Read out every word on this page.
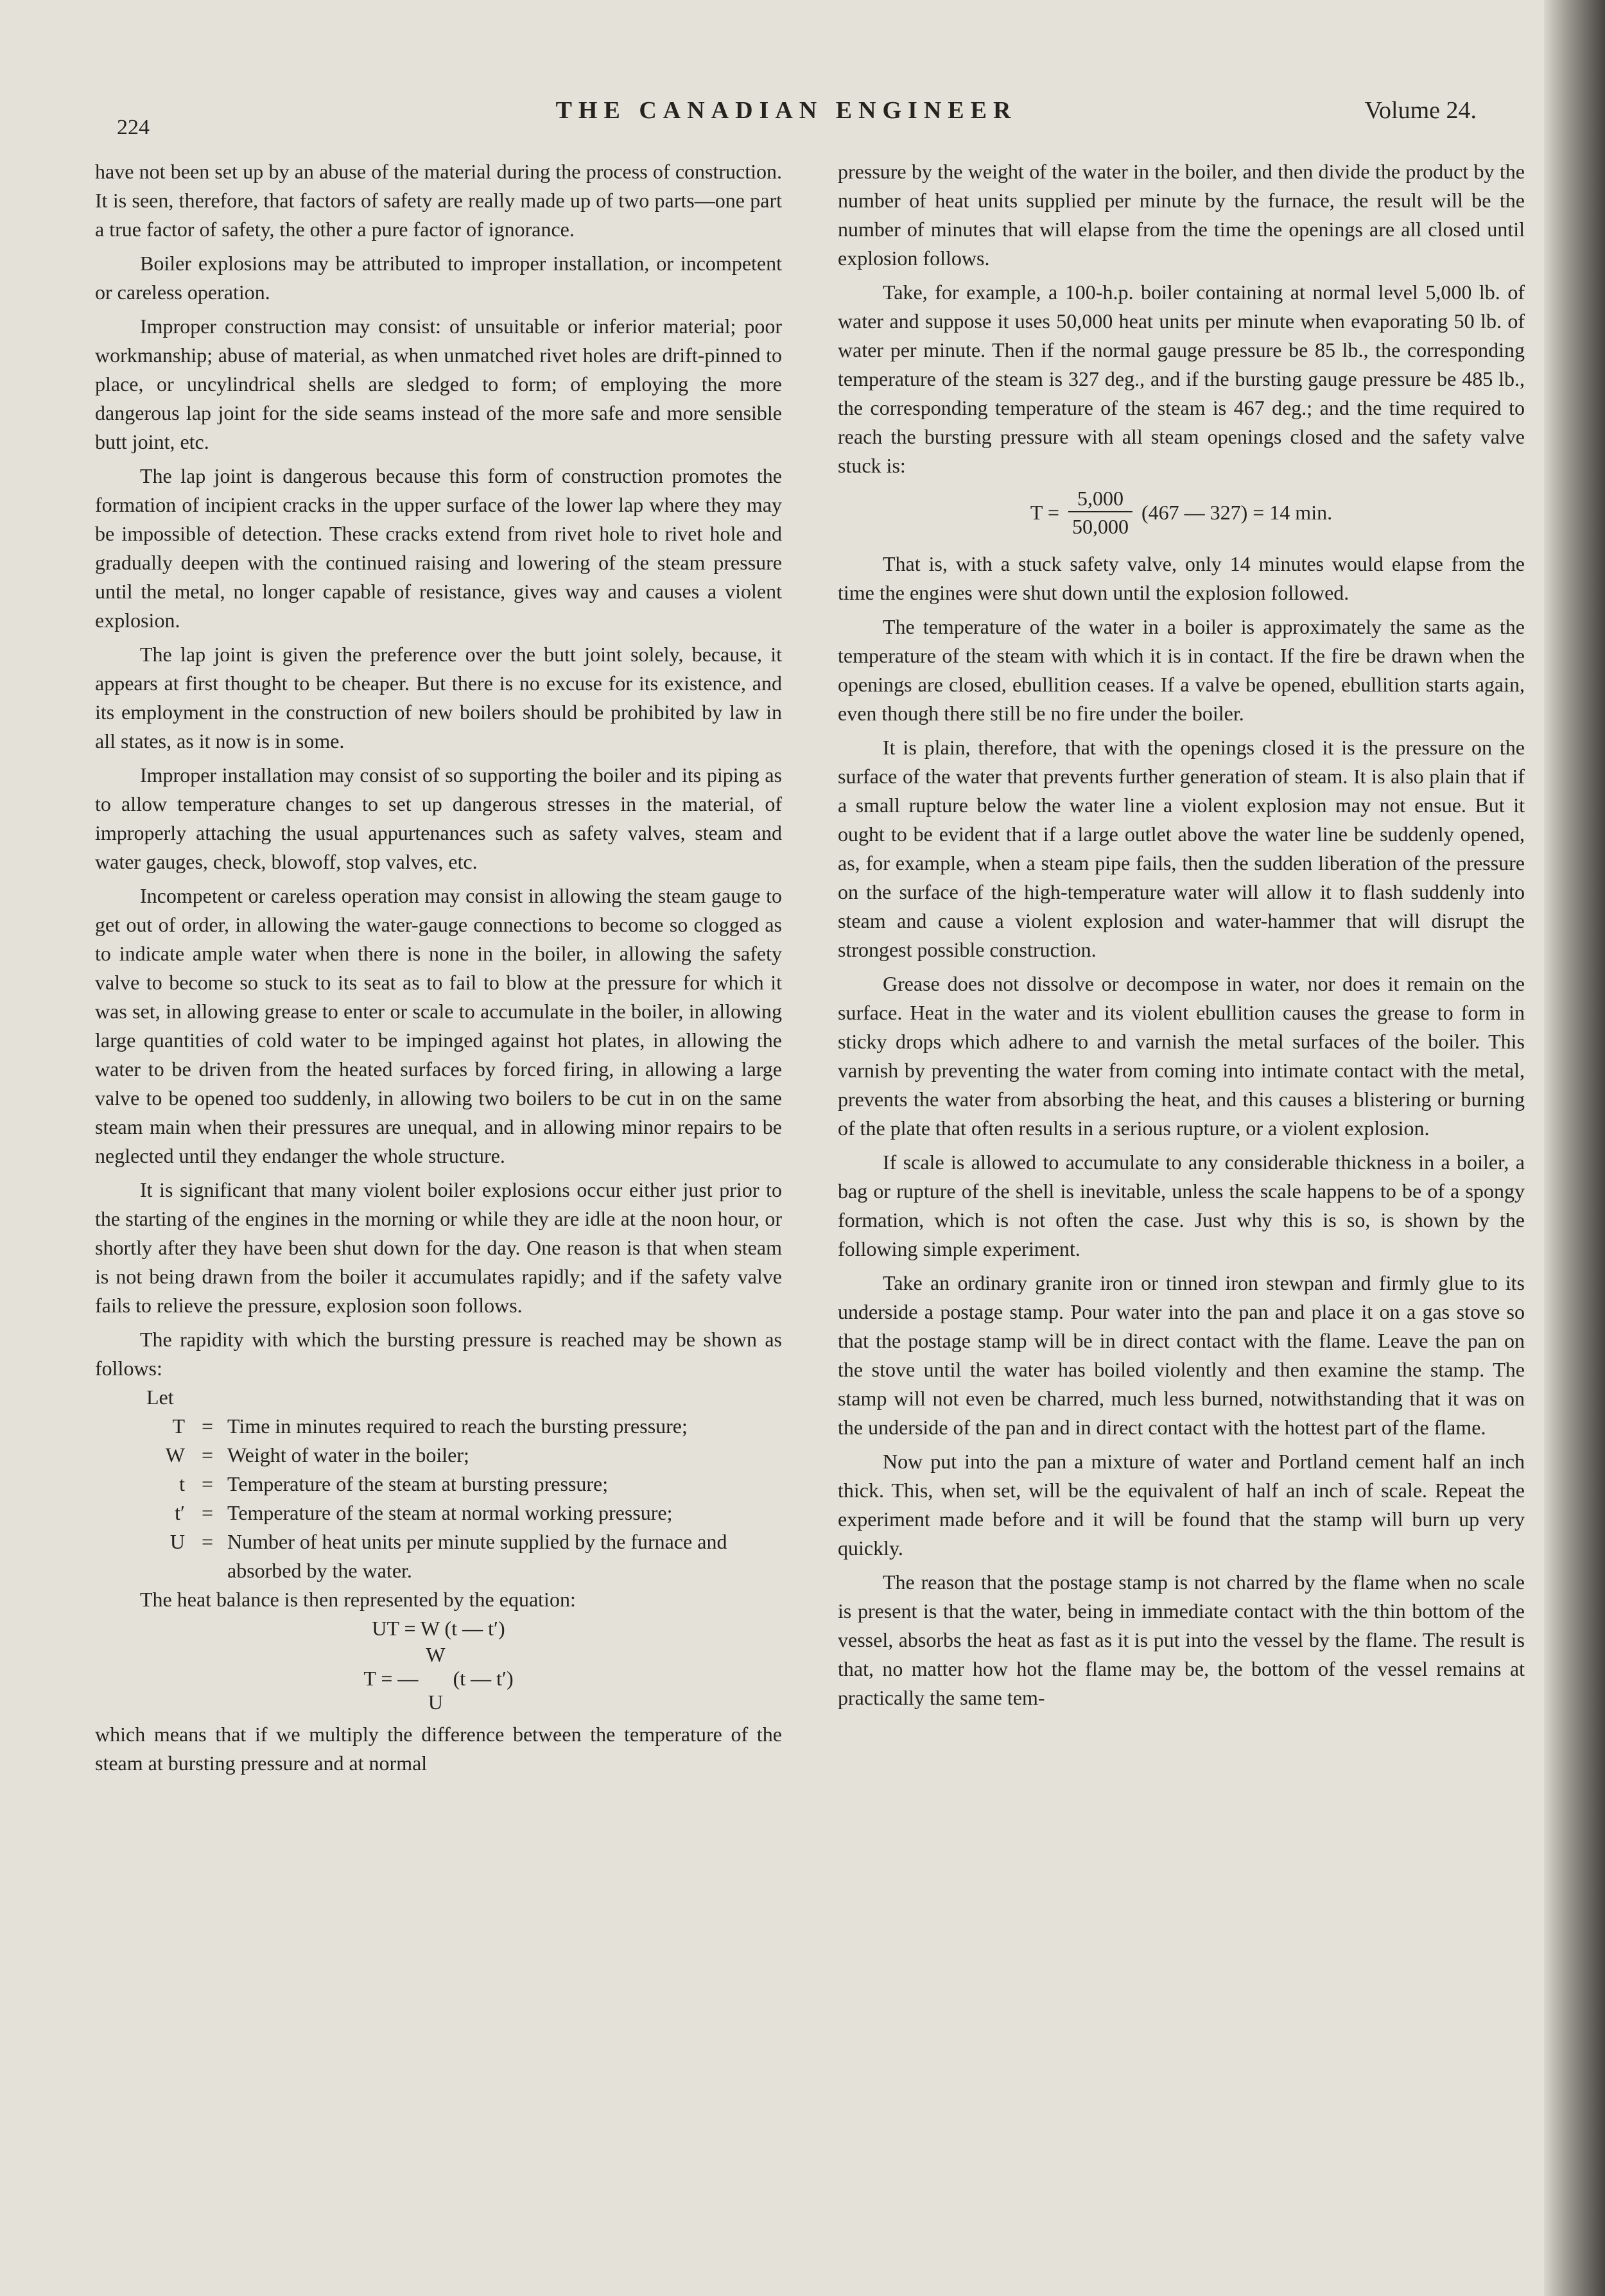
224
THE CANADIAN ENGINEER	Volume 24.

have not been set up by an abuse of the material during the process of construction. It is seen, therefore, that factors of safety are really made up of two parts—one part a true factor of safety, the other a pure factor of ignorance.

Boiler explosions may be attributed to improper installation, or incompetent or careless operation.

Improper construction may consist: of unsuitable or inferior material; poor workmanship; abuse of material, as when unmatched rivet holes are drift-pinned to place, or uncylindrical shells are sledged to form; of employing the more dangerous lap joint for the side seams instead of the more safe and more sensible butt joint, etc.

The lap joint is dangerous because this form of construction promotes the formation of incipient cracks in the upper surface of the lower lap where they may be impossible of detection. These cracks extend from rivet hole to rivet hole and gradually deepen with the continued raising and lowering of the steam pressure until the metal, no longer capable of resistance, gives way and causes a violent explosion.

The lap joint is given the preference over the butt joint solely, because, it appears at first thought to be cheaper. But there is no excuse for its existence, and its employment in the construction of new boilers should be prohibited by law in all states, as it now is in some.

Improper installation may consist of so supporting the boiler and its piping as to allow temperature changes to set up dangerous stresses in the material, of improperly attaching the usual appurtenances such as safety valves, steam and water gauges, check, blowoff, stop valves, etc.

Incompetent or careless operation may consist in allowing the steam gauge to get out of order, in allowing the water-gauge connections to become so clogged as to indicate ample water when there is none in the boiler, in allowing the safety valve to become so stuck to its seat as to fail to blow at the pressure for which it was set, in allowing grease to enter or scale to accumulate in the boiler, in allowing large quantities of cold water to be impinged against hot plates, in allowing the water to be driven from the heated surfaces by forced firing, in allowing a large valve to be opened too suddenly, in allowing two boilers to be cut in on the same steam main when their pressures are unequal, and in allowing minor repairs to be neglected until they endanger the whole structure.

It is significant that many violent boiler explosions occur either just prior to the starting of the engines in the morning or while they are idle at the noon hour, or shortly after they have been shut down for the day. One reason is that when steam is not being drawn from the boiler it accumulates rapidly; and if the safety valve fails to relieve the pressure, explosion soon follows.

The rapidity with which the bursting pressure is reached may be shown as follows:

Let
T = Time in minutes required to reach the bursting pressure;
W = Weight of water in the boiler;
t = Temperature of the steam at bursting pressure;
t′ = Temperature of the steam at normal working pressure;
U = Number of heat units per minute supplied by the furnace and absorbed by the water.

The heat balance is then represented by the equation:

UT = W (t — t′)
T = —
W
U
(t — t′)

which means that if we multiply the difference between the temperature of the steam at bursting pressure and at normal

pressure by the weight of the water in the boiler, and then divide the product by the number of heat units supplied per minute by the furnace, the result will be the number of minutes that will elapse from the time the openings are all closed until explosion follows.

Take, for example, a 100-h.p. boiler containing at normal level 5,000 lb. of water and suppose it uses 50,000 heat units per minute when evaporating 50 lb. of water per minute. Then if the normal gauge pressure be 85 lb., the corresponding temperature of the steam is 327 deg., and if the bursting gauge pressure be 485 lb., the corresponding temperature of the steam is 467 deg.; and the time required to reach the bursting pressure with all steam openings closed and the safety valve stuck is:

$T = \frac{5,000}{50,000} (467$ — 327) = 14 min.

That is, with a stuck safety valve, only 14 minutes would elapse from the time the engines were shut down until the explosion followed.

The temperature of the water in a boiler is approximately the same as the temperature of the steam with which it is in contact. If the fire be drawn when the openings are closed, ebullition ceases. If a valve be opened, ebullition starts again, even though there still be no fire under the boiler.

It is plain, therefore, that with the openings closed it is the pressure on the surface of the water that prevents further generation of steam. It is also plain that if a small rupture below the water line a violent explosion may not ensue. But it ought to be evident that if a large outlet above the water line be suddenly opened, as, for example, when a steam pipe fails, then the sudden liberation of the pressure on the surface of the high-temperature water will allow it to flash suddenly into steam and cause a violent explosion and water-hammer that will disrupt the strongest possible construction.

Grease does not dissolve or decompose in water, nor does it remain on the surface. Heat in the water and its violent ebullition causes the grease to form in sticky drops which adhere to and varnish the metal surfaces of the boiler. This varnish by preventing the water from coming into intimate contact with the metal, prevents the water from absorbing the heat, and this causes a blistering or burning of the plate that often results in a serious rupture, or a violent explosion.

If scale is allowed to accumulate to any considerable thickness in a boiler, a bag or rupture of the shell is inevitable, unless the scale happens to be of a spongy formation, which is not often the case. Just why this is so, is shown by the following simple experiment.

Take an ordinary granite iron or tinned iron stewpan and firmly glue to its underside a postage stamp. Pour water into the pan and place it on a gas stove so that the postage stamp will be in direct contact with the flame. Leave the pan on the stove until the water has boiled violently and then examine the stamp. The stamp will not even be charred, much less burned, notwithstanding that it was on the underside of the pan and in direct contact with the hottest part of the flame.

Now put into the pan a mixture of water and Portland cement half an inch thick. This, when set, will be the equivalent of half an inch of scale. Repeat the experiment made before and it will be found that the stamp will burn up very quickly.

The reason that the postage stamp is not charred by the flame when no scale is present is that the water, being in immediate contact with the thin bottom of the vessel, absorbs the heat as fast as it is put into the vessel by the flame. The result is that, no matter how hot the flame may be, the bottom of the vessel remains at practically the same tem-
